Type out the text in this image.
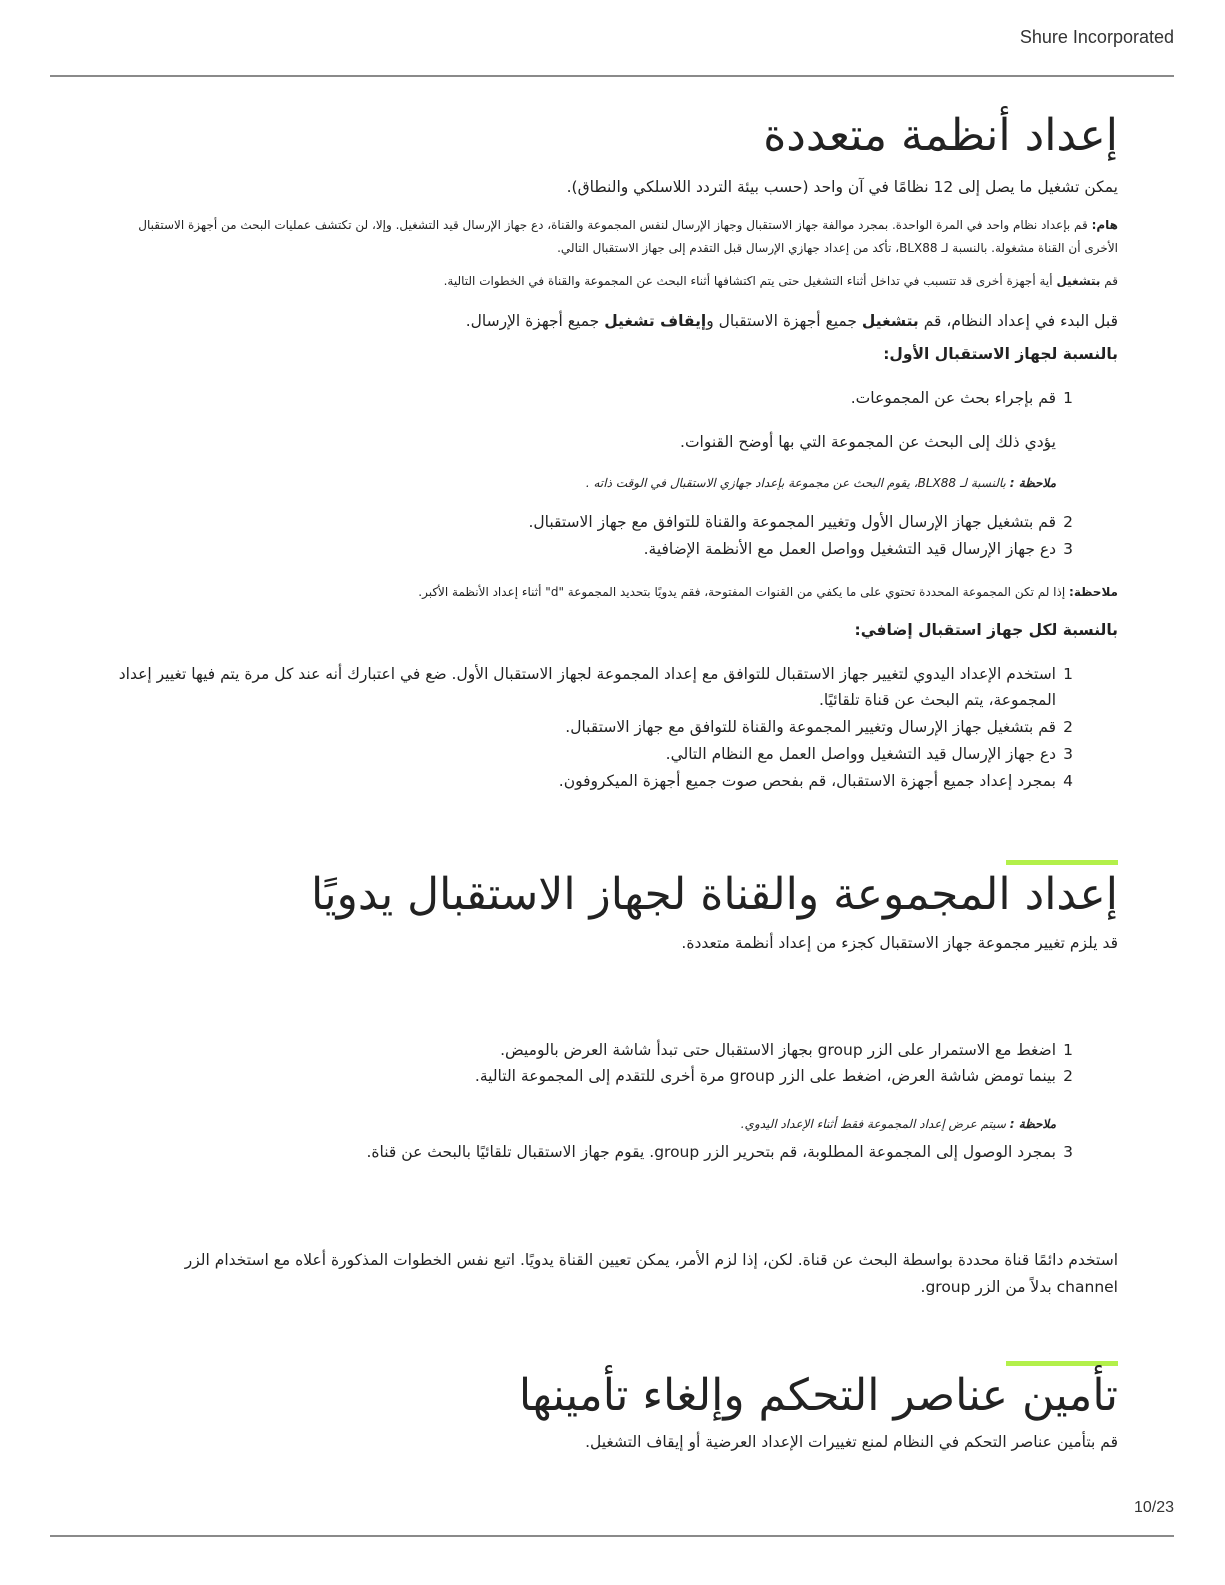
Shure Incorporated
إعداد أنظمة متعددة
يمكن تشغيل ما يصل إلى 12 نظامًا في آن واحد (حسب بيئة التردد اللاسلكي والنطاق).
هام: قم بإعداد نظام واحد في المرة الواحدة. بمجرد موالفة جهاز الاستقبال وجهاز الإرسال لنفس المجموعة والقناة، دع جهاز الإرسال قيد التشغيل. وإلا، لن تكتشف عمليات البحث من أجهزة الاستقبال الأخرى أن القناة مشغولة. بالنسبة لـ BLX88، تأكد من إعداد جهازي الإرسال قبل التقدم إلى جهاز الاستقبال التالي.
قم بتشغيل أية أجهزة أخرى قد تتسبب في تداخل أثناء التشغيل حتى يتم اكتشافها أثناء البحث عن المجموعة والقناة في الخطوات التالية.
قبل البدء في إعداد النظام، قم بتشغيل جميع أجهزة الاستقبال وإيقاف تشغيل جميع أجهزة الإرسال.
بالنسبة لجهاز الاستقبال الأول:
1
قم بإجراء بحث عن المجموعات.
يؤدي ذلك إلى البحث عن المجموعة التي بها أوضح القنوات.
ملاحظة : بالنسبة لـ BLX88، يقوم البحث عن مجموعة بإعداد جهازي الاستقبال في الوقت ذاته .
2
قم بتشغيل جهاز الإرسال الأول وتغيير المجموعة والقناة للتوافق مع جهاز الاستقبال.
3
دع جهاز الإرسال قيد التشغيل وواصل العمل مع الأنظمة الإضافية.
ملاحظة: إذا لم تكن المجموعة المحددة تحتوي على ما يكفي من القنوات المفتوحة، فقم يدويًا بتحديد المجموعة "d" أثناء إعداد الأنظمة الأكبر.
بالنسبة لكل جهاز استقبال إضافي:
1
استخدم الإعداد اليدوي لتغيير جهاز الاستقبال للتوافق مع إعداد المجموعة لجهاز الاستقبال الأول. ضع في اعتبارك أنه عند كل مرة يتم فيها تغيير إعداد المجموعة، يتم البحث عن قناة تلقائيًا.
2
قم بتشغيل جهاز الإرسال وتغيير المجموعة والقناة للتوافق مع جهاز الاستقبال.
3
دع جهاز الإرسال قيد التشغيل وواصل العمل مع النظام التالي.
4
بمجرد إعداد جميع أجهزة الاستقبال، قم بفحص صوت جميع أجهزة الميكروفون.
إعداد المجموعة والقناة لجهاز الاستقبال يدويًا
قد يلزم تغيير مجموعة جهاز الاستقبال كجزء من إعداد أنظمة متعددة.
1
اضغط مع الاستمرار على الزر group بجهاز الاستقبال حتى تبدأ شاشة العرض بالوميض.
2
بينما تومض شاشة العرض، اضغط على الزر group مرة أخرى للتقدم إلى المجموعة التالية.
ملاحظة : سيتم عرض إعداد المجموعة فقط أثناء الإعداد اليدوي.
3
بمجرد الوصول إلى المجموعة المطلوبة، قم بتحرير الزر group. يقوم جهاز الاستقبال تلقائيًا بالبحث عن قناة.
استخدم دائمًا قناة محددة بواسطة البحث عن قناة. لكن، إذا لزم الأمر، يمكن تعيين القناة يدويًا. اتبع نفس الخطوات المذكورة أعلاه مع استخدام الزر channel بدلاً من الزر group.
تأمين عناصر التحكم وإلغاء تأمينها
قم بتأمين عناصر التحكم في النظام لمنع تغييرات الإعداد العرضية أو إيقاف التشغيل.
10/23
